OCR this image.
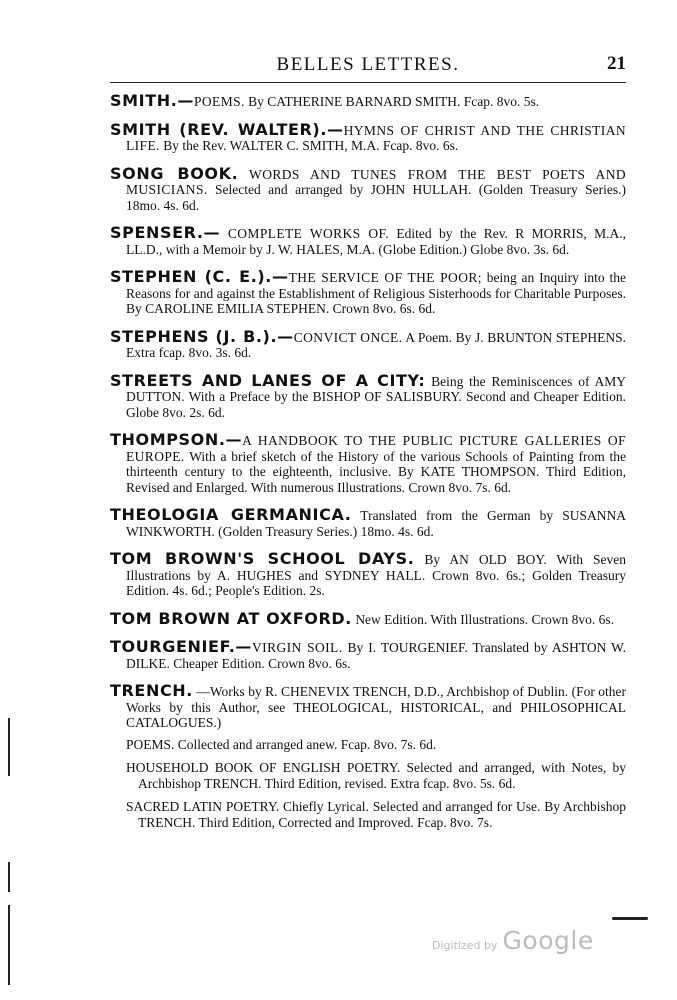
BELLES LETTRES.	21
SMITH.—POEMS. By CATHERINE BARNARD SMITH. Fcap. 8vo. 5s.
SMITH (REV. WALTER).—HYMNS OF CHRIST AND THE CHRISTIAN LIFE. By the Rev. WALTER C. SMITH, M.A. Fcap. 8vo. 6s.
SONG BOOK. WORDS AND TUNES FROM THE BEST POETS AND MUSICIANS. Selected and arranged by JOHN HULLAH. (Golden Treasury Series.) 18mo. 4s. 6d.
SPENSER.— COMPLETE WORKS OF. Edited by the Rev. R MORRIS, M.A., LL.D., with a Memoir by J. W. HALES, M.A. (Globe Edition.) Globe 8vo. 3s. 6d.
STEPHEN (C. E.).—THE SERVICE OF THE POOR; being an Inquiry into the Reasons for and against the Establishment of Religious Sisterhoods for Charitable Purposes. By CAROLINE EMILIA STEPHEN. Crown 8vo. 6s. 6d.
STEPHENS (J. B.).—CONVICT ONCE. A Poem. By J. BRUNTON STEPHENS. Extra fcap. 8vo. 3s. 6d.
STREETS AND LANES OF A CITY: Being the Reminiscences of AMY DUTTON. With a Preface by the BISHOP OF SALISBURY. Second and Cheaper Edition. Globe 8vo. 2s. 6d.
THOMPSON.—A HANDBOOK TO THE PUBLIC PICTURE GALLERIES OF EUROPE. With a brief sketch of the History of the various Schools of Painting from the thirteenth century to the eighteenth, inclusive. By KATE THOMPSON. Third Edition, Revised and Enlarged. With numerous Illustrations. Crown 8vo. 7s. 6d.
THEOLOGIA GERMANICA. Translated from the German by SUSANNA WINKWORTH. (Golden Treasury Series.) 18mo. 4s. 6d.
TOM BROWN'S SCHOOL DAYS. By AN OLD BOY. With Seven Illustrations by A. HUGHES and SYDNEY HALL. Crown 8vo. 6s.; Golden Treasury Edition. 4s. 6d.; People's Edition. 2s.
TOM BROWN AT OXFORD. New Edition. With Illustrations. Crown 8vo. 6s.
TOURGENIEF.—VIRGIN SOIL. By I. TOURGENIEF. Translated by ASHTON W. DILKE. Cheaper Edition. Crown 8vo. 6s.
TRENCH. —Works by R. CHENEVIX TRENCH, D.D., Archbishop of Dublin. (For other Works by this Author, see THEOLOGICAL, HISTORICAL, and PHILOSOPHICAL CATALOGUES.)
POEMS. Collected and arranged anew. Fcap. 8vo. 7s. 6d.
HOUSEHOLD BOOK OF ENGLISH POETRY. Selected and arranged, with Notes, by Archbishop TRENCH. Third Edition, revised. Extra fcap. 8vo. 5s. 6d.
SACRED LATIN POETRY. Chiefly Lyrical. Selected and arranged for Use. By Archbishop TRENCH. Third Edition, Corrected and Improved. Fcap. 8vo. 7s.
Digitized by Google
